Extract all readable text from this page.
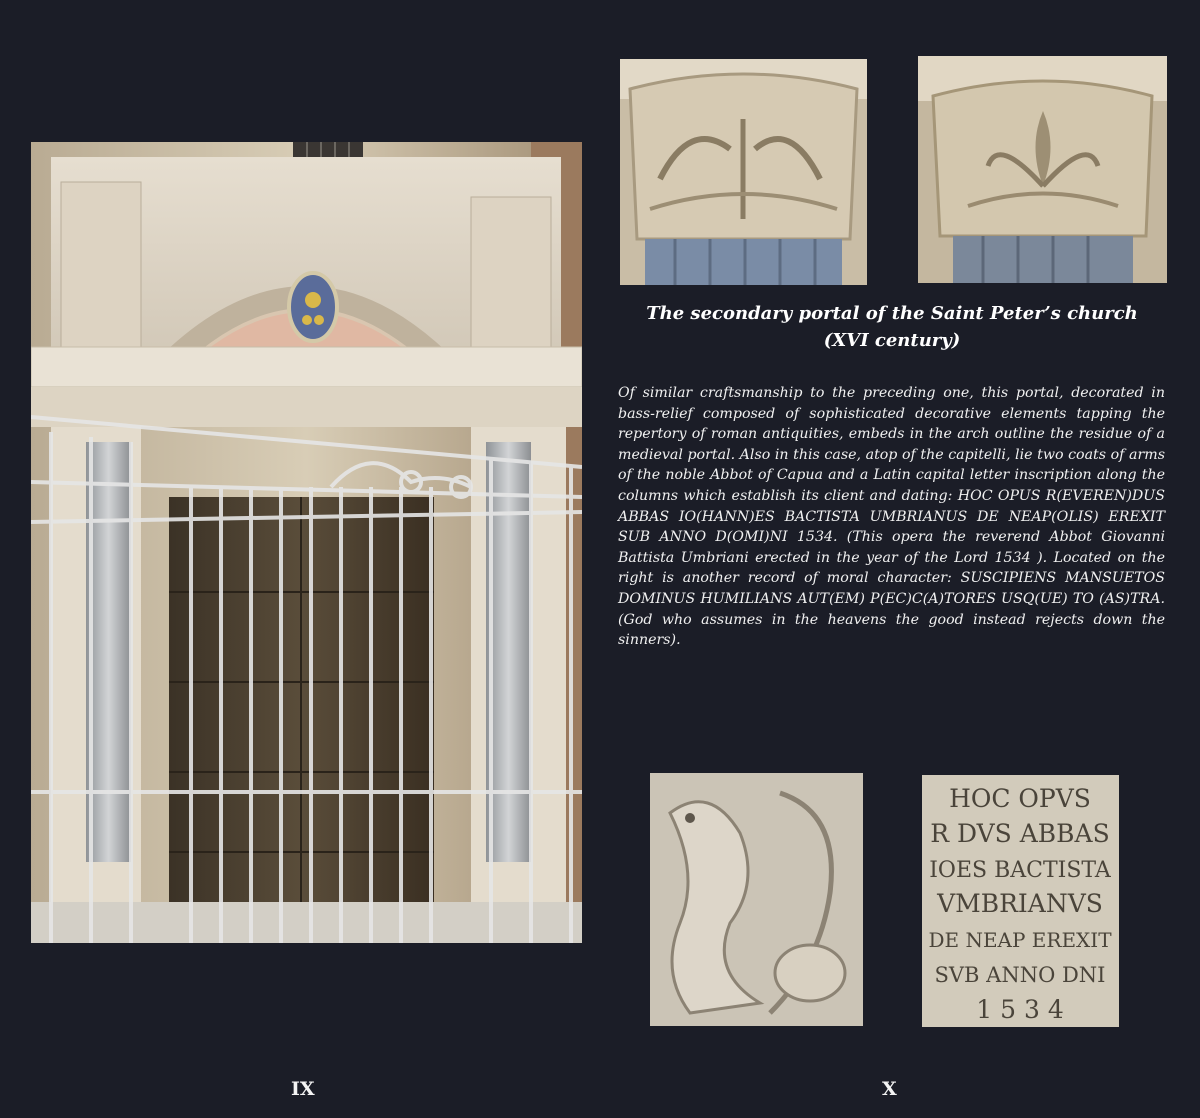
The secondary portal of the Saint Peter’s church
(XVI century)

Of similar craftsmanship to the preceding one, this portal, decorated in bass-relief composed of sophisticated decorative elements tapping the repertory of roman antiquities, embeds in the arch outline the residue of a medieval portal. Also in this case, atop of the capitelli, lie two coats of arms of the noble Abbot of Capua and a Latin capital letter inscription along the columns which establish its client and dating: HOC OPUS R(EVEREN)DUS ABBAS IO(HANN)ES BACTISTA UMBRIANUS DE NEAP(OLIS) EREXIT SUB ANNO D(OMI)NI 1534. (This opera the reverend Abbot Giovanni Battista Umbriani erected in the year of the Lord 1534 ). Located on the right is another record of moral character: SUSCIPIENS MANSUETOS DOMINUS HUMILIANS AUT(EM) P(EC)C(A)TORES USQ(UE) TO (AS)TRA. (God who assumes in the heavens the good instead rejects down the sinners).

HOC OPVS
R DVS ABBAS
IOES BACTISTA
VMBRIANVS
DE NEAP EREXIT
SVB ANNO DNI
1 5 3 4
IX	X
